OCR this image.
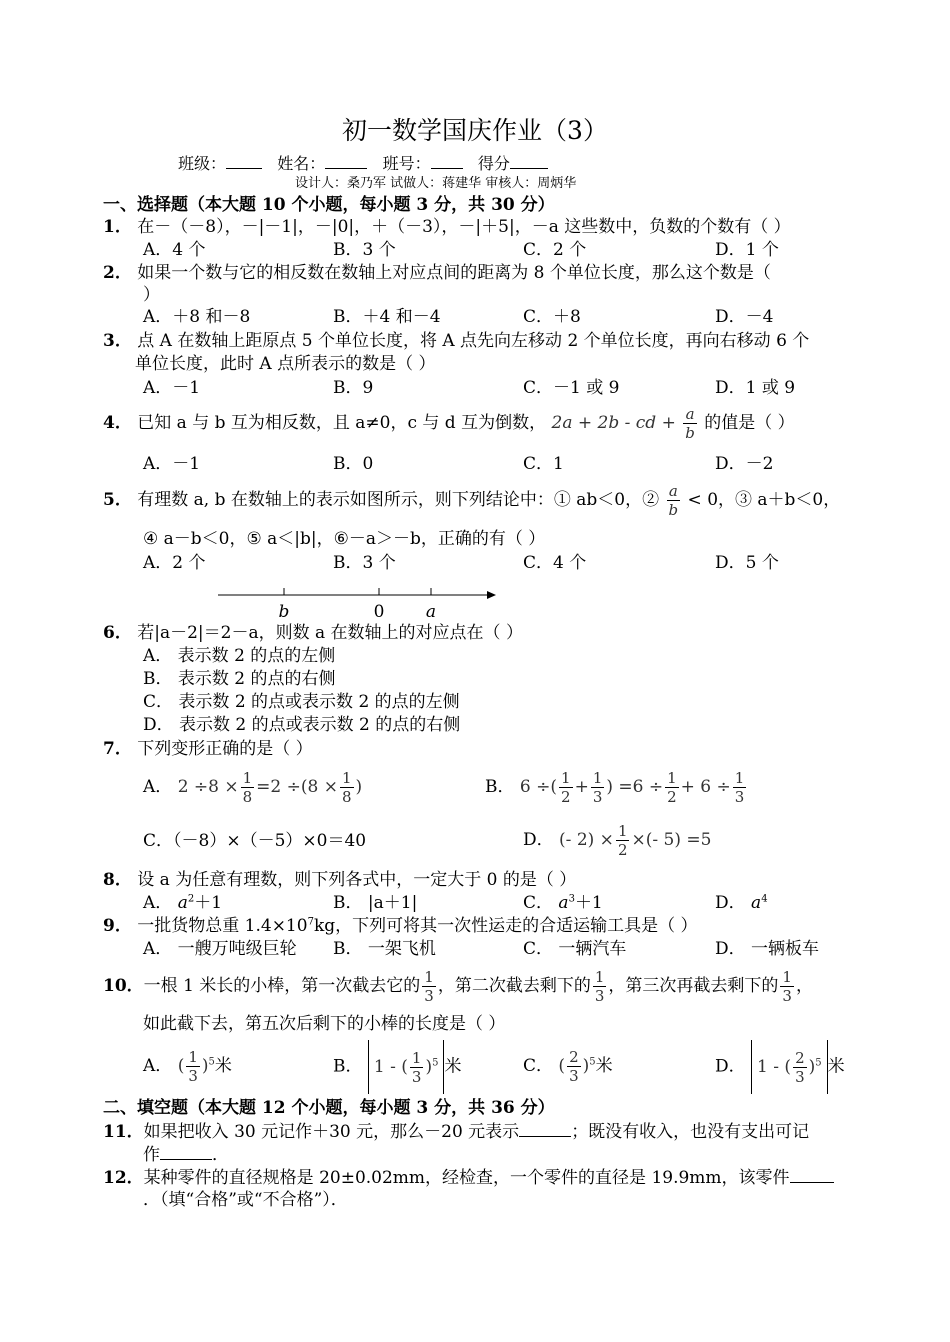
初一数学国庆作业（3）
班级：	姓名：	班号：	得分
设计人：桑乃军 试做人：蒋建华 审核人：周炳华
一、选择题（本大题 10 个小题，每小题 3 分，共 30 分）
1． 在－（－8），－|－1|，－|0|，＋（－3），－|＋5|，－a 这些数中，负数的个数有（ ）
A．4 个	B．3 个	C．2 个	D．1 个
2． 如果一个数与它的相反数在数轴上对应点间的距离为 8 个单位长度，那么这个数是（
）
A．＋8 和－8	B．＋4 和－4	C．＋8	D．－4
3． 点 A 在数轴上距原点 5 个单位长度，将 A 点先向左移动 2 个单位长度，再向右移动 6 个
单位长度，此时 A 点所表示的数是（ ）
A．－1	B．9	C．－1 或 9	D．1 或 9
4． 已知 a 与 b 互为相反数，且 a≠0，c 与 d 互为倒数， 2a + 2b - cd + $\frac{a}{b}$ 的值是（ ）
A．－1	B．0	C．1	D．－2
5． 有理数 a, b 在数轴上的表示如图所示，则下列结论中：① ab＜0，② $\frac{a}{b} < 0$，③ a＋b＜0，
④ a－b＜0，⑤ a＜|b|，⑥－a＞－b，正确的有（ ）
A．2 个	B．3 个	C．4 个	D．5 个
b	0 a
6． 若|a－2|＝2－a，则数 a 在数轴上的对应点在（ ）
A． 表示数 2 的点的左侧
B． 表示数 2 的点的右侧
C． 表示数 2 的点或表示数 2 的点的左侧
D． 表示数 2 的点或表示数 2 的点的右侧
7． 下列变形正确的是（ ）
A． $2 \div 8 \times \frac{1}{8} =2 \div(8 \times \frac{1}{8}$ )	B． 6 ÷( $\frac{1}{2} + \frac{1}{3}$ ) $=6 \div \frac{1}{2} + 6 \div \frac{1}{3}$
C．（－8）×（－5）×0＝40	D． (- $2) \times \frac{1}{2}$ ×(- 5) =5
8． 设 a 为任意有理数，则下列各式中，一定大于 0 的是（ ）
A． $a^2+1$	B． |a＋1|	C． $a^3+1$	D． $a^4$
9． 一批货物总重 $1.4\times 10^7kg$，下列可将其一次性运走的合适运输工具是（ ）
A． 一艘万吨级巨轮 B． 一架飞机	C． 一辆汽车	D． 一辆板车
10．一根 1 米长的小棒，第一次截去它的 $\frac{1}{3}$ ，第二次截去剩下的 $\frac{1}{3}$ ，第三次再截去剩下的 $\frac{1}{3}$ ，
如此截下去，第五次后剩下的小棒的长度是（ ）
A． ( $\frac{1}{3} )^5$米	B． 1 - ( $\frac{1}{3} )^5$ 米	C． ( $\frac{2}{3} )^5$米	D． 1 - ( $\frac{2}{3} )^5$ 米
二、填空题（本大题 12 个小题，每小题 3 分，共 36 分）
11．如果把收入 30 元记作＋30 元，那么－20 元表示	；既没有收入，也没有支出可记
作	．
12．某种零件的直径规格是 20±0.02mm，经检查，一个零件的直径是 19.9mm，该零件
．（填“合格”或“不合格”）．
